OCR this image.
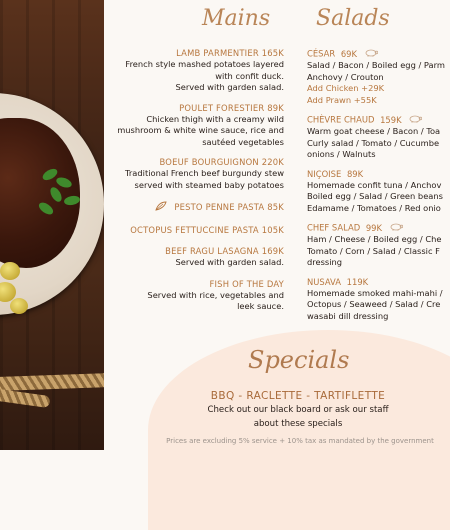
Mains Salads
LAMB PARMENTIER 165K
French style mashed potatoes layered
with confit duck.
Served with garden salad.
POULET FORESTIER 89K
Chicken thigh with a creamy wild
mushroom & white wine sauce, rice and
sautéed vegetables
BOEUF BOURGUIGNON 220K
Traditional French beef burgundy stew
served with steamed baby potatoes
PESTO PENNE PASTA 85K
OCTOPUS FETTUCCINE PASTA 105K
BEEF RAGU LASAGNA 169K
Served with garden salad.
FISH OF THE DAY
Served with rice, vegetables and
leek sauce.
CÉSAR 69K
Salad / Bacon / Boiled egg / Parm
Anchovy / Crouton
Add Chicken +29K
Add Prawn +55K
CHÈVRE CHAUD 159K
Warm goat cheese / Bacon / Toa
Curly salad / Tomato / Cucumbe
onions / Walnuts
NIÇOISE 89K
Homemade confit tuna / Anchov
Boiled egg / Salad / Green beans
Edamame / Tomatoes / Red onio
CHEF SALAD 99K
Ham / Cheese / Boiled egg / Che
Tomato / Corn / Salad / Classic F
dressing
NUSAVA 119K
Homemade smoked mahi-mahi /
Octopus / Seaweed / Salad / Cre
wasabi dill dressing
Specials
BBQ - RACLETTE - TARTIFLETTE
Check out our black board or ask our staff
about these specials
Prices are excluding 5% service + 10% tax as mandated by the government
